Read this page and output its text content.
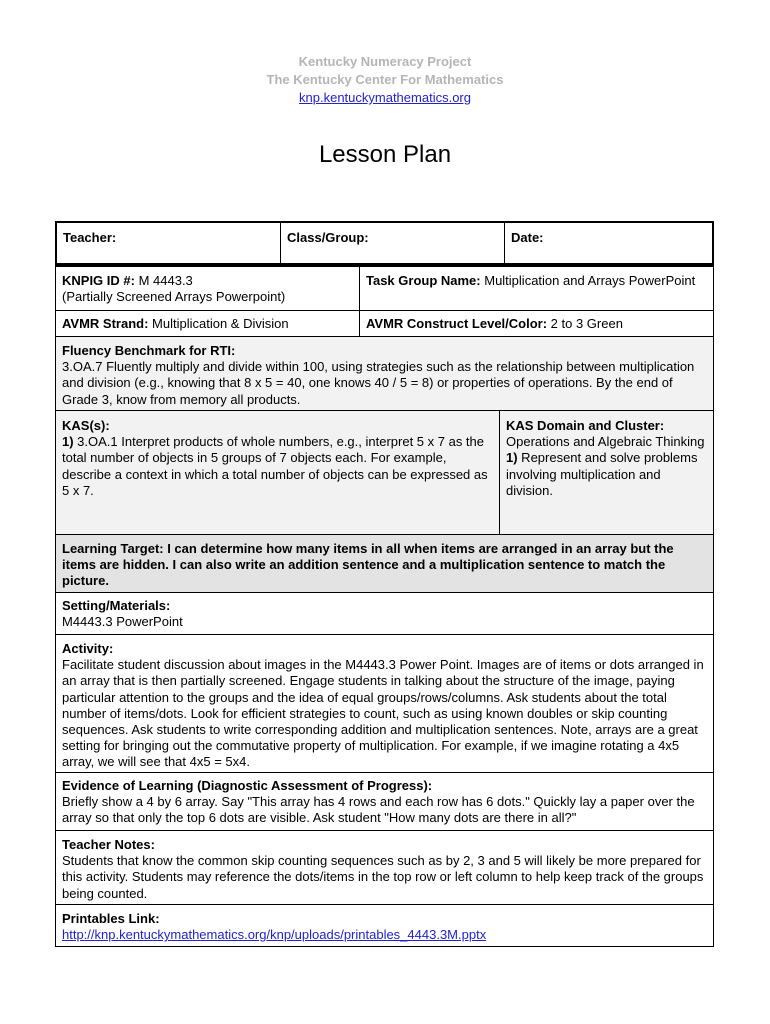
Kentucky Numeracy Project
The Kentucky Center For Mathematics
knp.kentuckymathematics.org
Lesson Plan
Teacher:	Class/Group:	Date:
KNPIG ID #: M 4443.3
(Partially Screened Arrays Powerpoint)
Task Group Name: Multiplication and Arrays PowerPoint
AVMR Strand: Multiplication & Division	AVMR Construct Level/Color: 2 to 3 Green
Fluency Benchmark for RTI:
3.OA.7 Fluently multiply and divide within 100, using strategies such as the relationship between multiplication and division (e.g., knowing that 8 x 5 = 40, one knows 40 / 5 = 8) or properties of operations. By the end of Grade 3, know from memory all products.
KAS(s):
1) 3.OA.1 Interpret products of whole numbers, e.g., interpret 5 x 7 as the total number of objects in 5 groups of 7 objects each. For example, describe a context in which a total number of objects can be expressed as 5 x 7.
KAS Domain and Cluster:
Operations and Algebraic Thinking
1) Represent and solve problems involving multiplication and division.
Learning Target: I can determine how many items in all when items are arranged in an array but the items are hidden. I can also write an addition sentence and a multiplication sentence to match the picture.
Setting/Materials:
M4443.3 PowerPoint
Activity:
Facilitate student discussion about images in the M4443.3 Power Point. Images are of items or dots arranged in an array that is then partially screened. Engage students in talking about the structure of the image, paying particular attention to the groups and the idea of equal groups/rows/columns. Ask students about the total number of items/dots. Look for efficient strategies to count, such as using known doubles or skip counting sequences. Ask students to write corresponding addition and multiplication sentences. Note, arrays are a great setting for bringing out the commutative property of multiplication. For example, if we imagine rotating a 4x5 array, we will see that 4x5 = 5x4.
Evidence of Learning (Diagnostic Assessment of Progress):
Briefly show a 4 by 6 array. Say "This array has 4 rows and each row has 6 dots." Quickly lay a paper over the array so that only the top 6 dots are visible. Ask student "How many dots are there in all?"
Teacher Notes:
Students that know the common skip counting sequences such as by 2, 3 and 5 will likely be more prepared for this activity. Students may reference the dots/items in the top row or left column to help keep track of the groups being counted.
Printables Link:
http://knp.kentuckymathematics.org/knp/uploads/printables_4443.3M.pptx
